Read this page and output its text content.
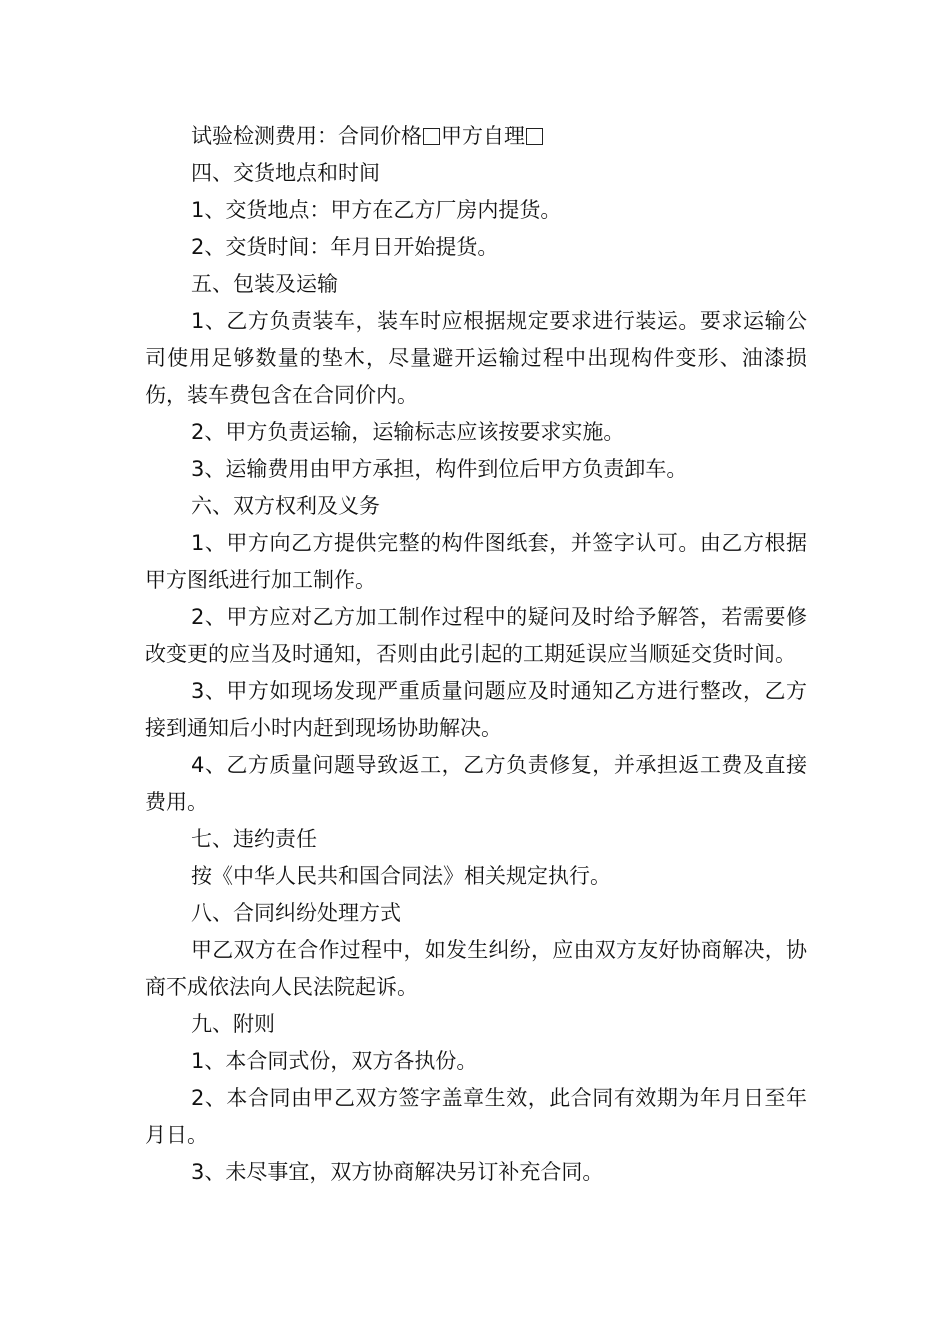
试验检测费用：合同价格 甲方自理

四、交货地点和时间

1、交货地点：甲方在乙方厂房内提货。

2、交货时间：年月日开始提货。

五、包装及运输

1、乙方负责装车，装车时应根据规定要求进行装运。要求运输公司使用足够数量的垫木，尽量避开运输过程中出现构件变形、油漆损伤，装车费包含在合同价内。

2、甲方负责运输，运输标志应该按要求实施。

3、运输费用由甲方承担，构件到位后甲方负责卸车。

六、双方权利及义务

1、甲方向乙方提供完整的构件图纸套，并签字认可。由乙方根据甲方图纸进行加工制作。

2、甲方应对乙方加工制作过程中的疑问及时给予解答，若需要修改变更的应当及时通知，否则由此引起的工期延误应当顺延交货时间。

3、甲方如现场发现严重质量问题应及时通知乙方进行整改，乙方接到通知后小时内赶到现场协助解决。

4、乙方质量问题导致返工，乙方负责修复，并承担返工费及直接费用。

七、违约责任

按《中华人民共和国合同法》相关规定执行。

八、合同纠纷处理方式

甲乙双方在合作过程中，如发生纠纷，应由双方友好协商解决，协商不成依法向人民法院起诉。

九、附则

1、本合同式份，双方各执份。

2、本合同由甲乙双方签字盖章生效，此合同有效期为年月日至年月日。

3、未尽事宜，双方协商解决另订补充合同。
